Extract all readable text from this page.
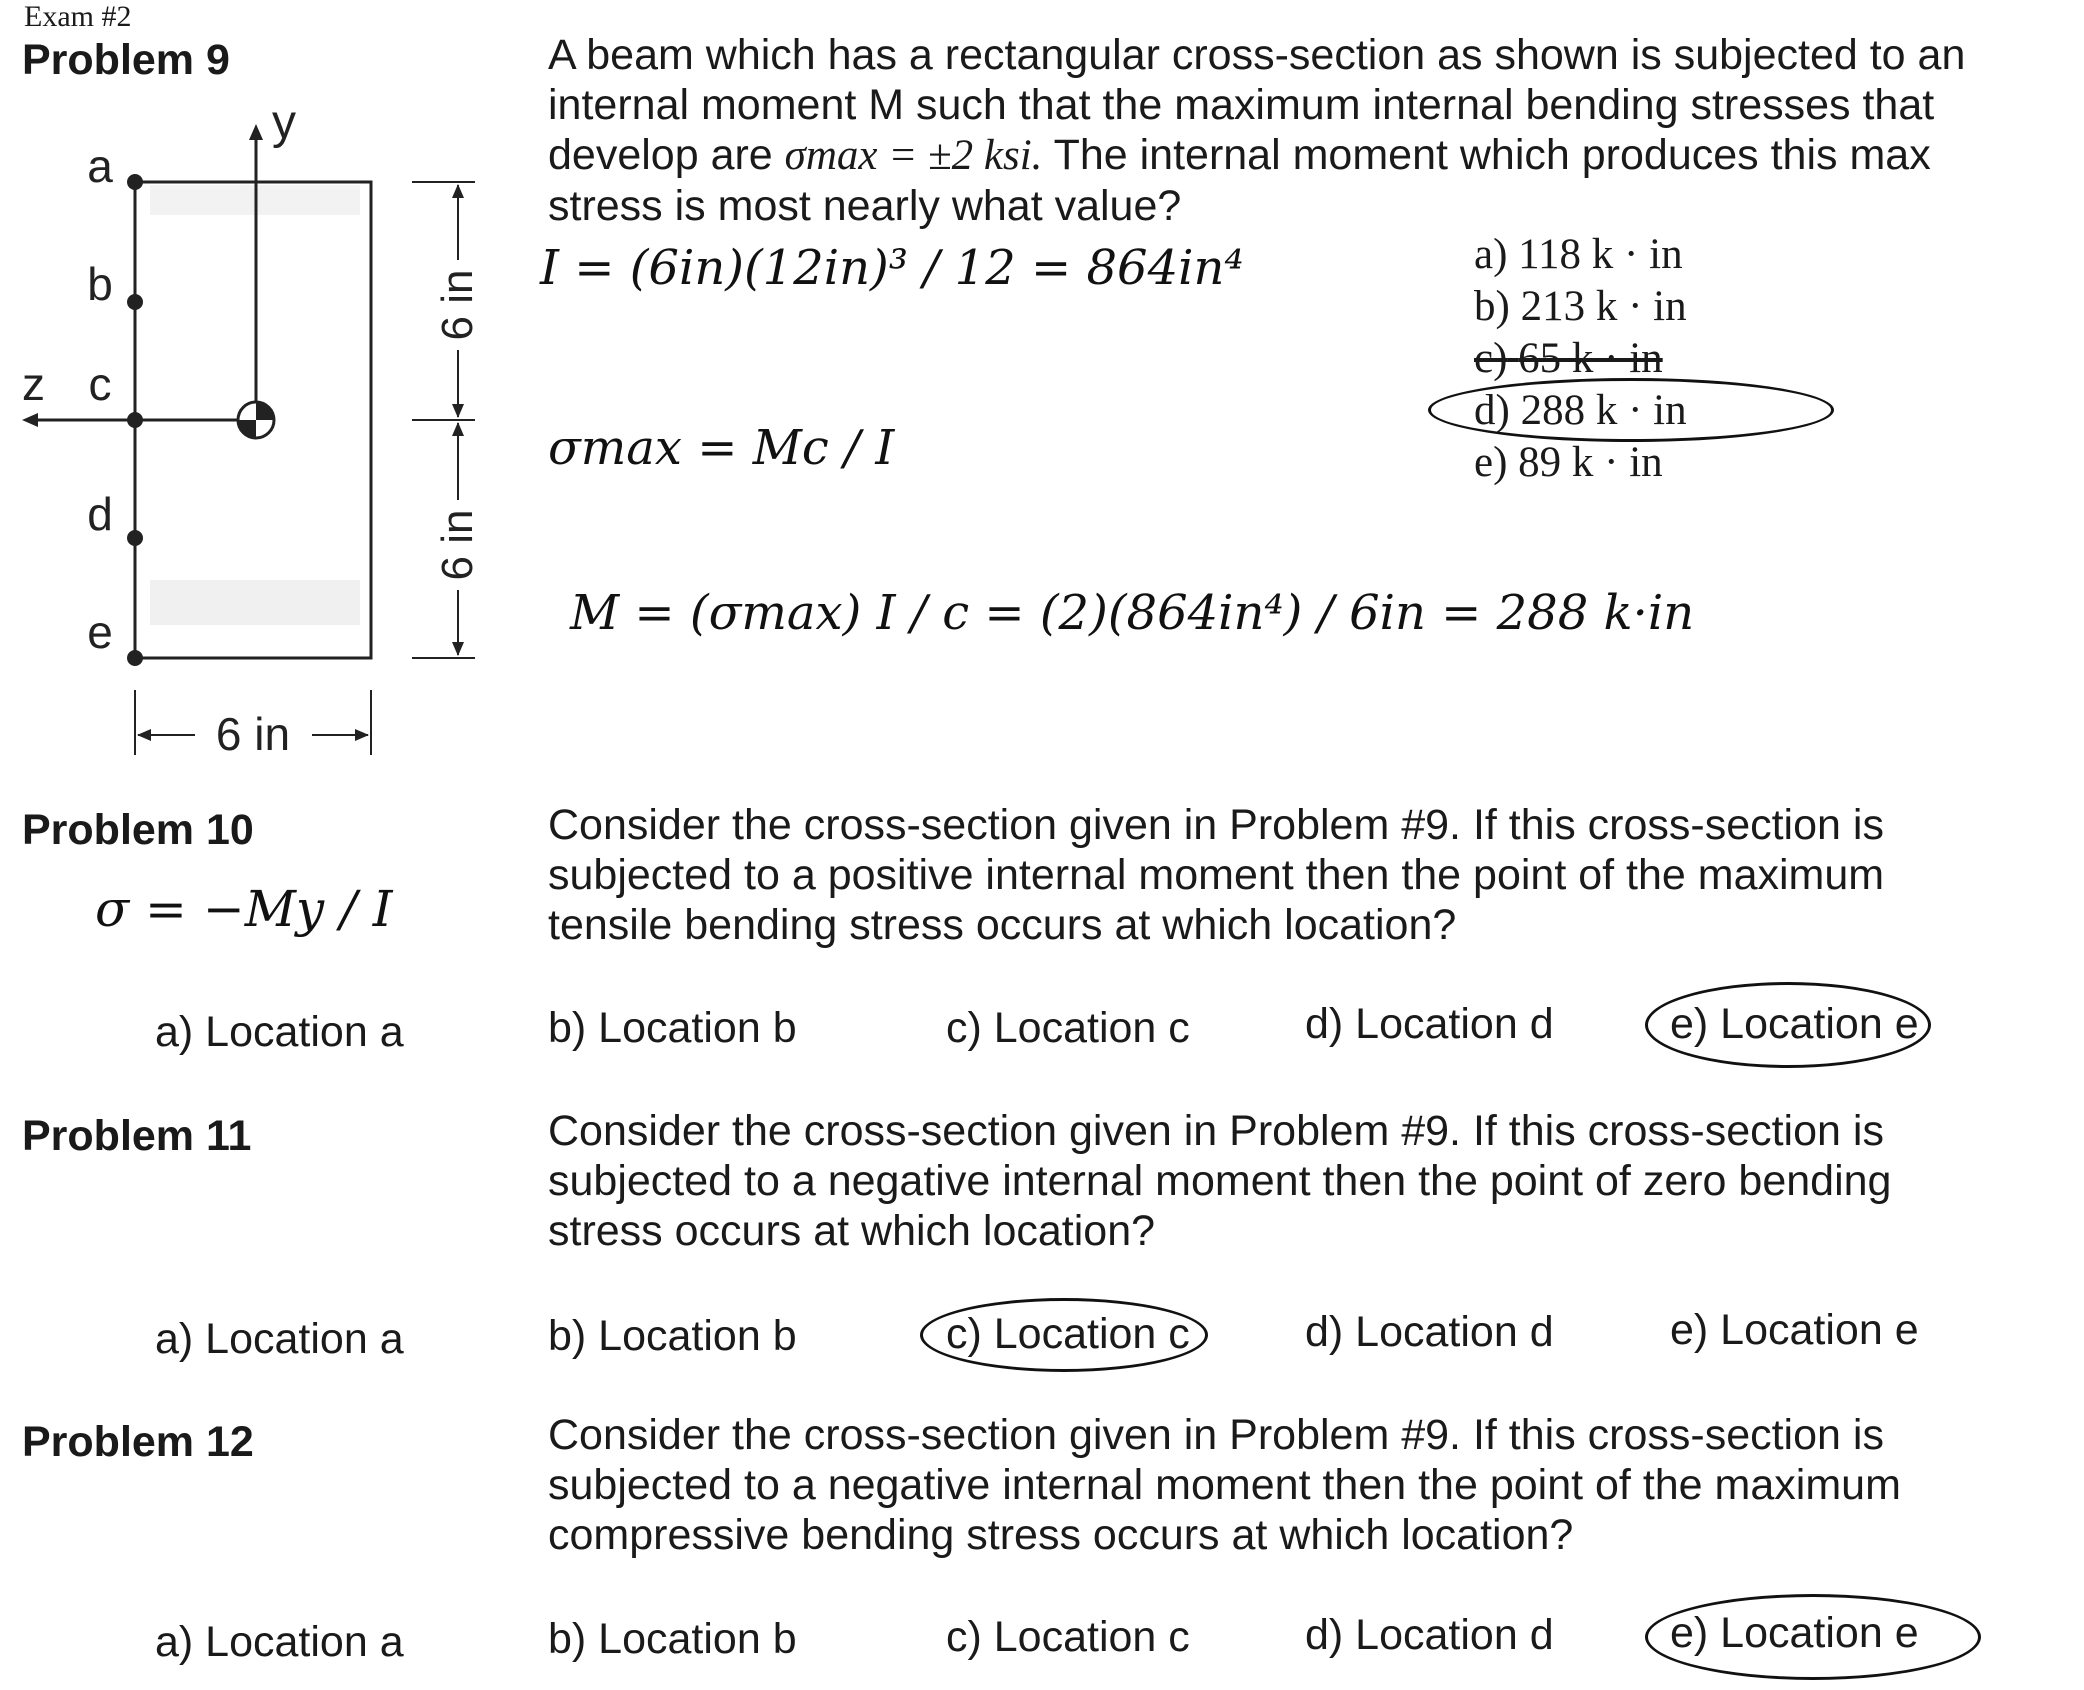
Exam #2
Problem 9	A beam which has a rectangular cross-section as shown is subjected to an internal moment M such that the maximum internal bending stresses that develop are σmax = ±2 ksi. The internal moment which produces this max stress is most nearly what value?
a
b
c
d
e
y
z
6 in
6 in
6 in
I = (6in)(12in)³ / 12 = 864in⁴
σmax = Mc / I
M = (σmax) I / c = (2)(864in⁴) / 6in = 288 k·in
a) 118 k · in
b) 213 k · in
c) 65 k · in
d) 288 k · in
e) 89 k · in
Problem 10
σ = −My / I
Consider the cross-section given in Problem #9. If this cross-section is subjected to a positive internal moment then the point of the maximum tensile bending stress occurs at which location?
a) Location a	b) Location b	c) Location c	d) Location d	e) Location e
Problem 11	Consider the cross-section given in Problem #9. If this cross-section is subjected to a negative internal moment then the point of zero bending stress occurs at which location?
a) Location a	b) Location b	c) Location c	d) Location d	e) Location e
Problem 12	Consider the cross-section given in Problem #9. If this cross-section is subjected to a negative internal moment then the point of the maximum compressive bending stress occurs at which location?
a) Location a	b) Location b	c) Location c	d) Location d	e) Location e
